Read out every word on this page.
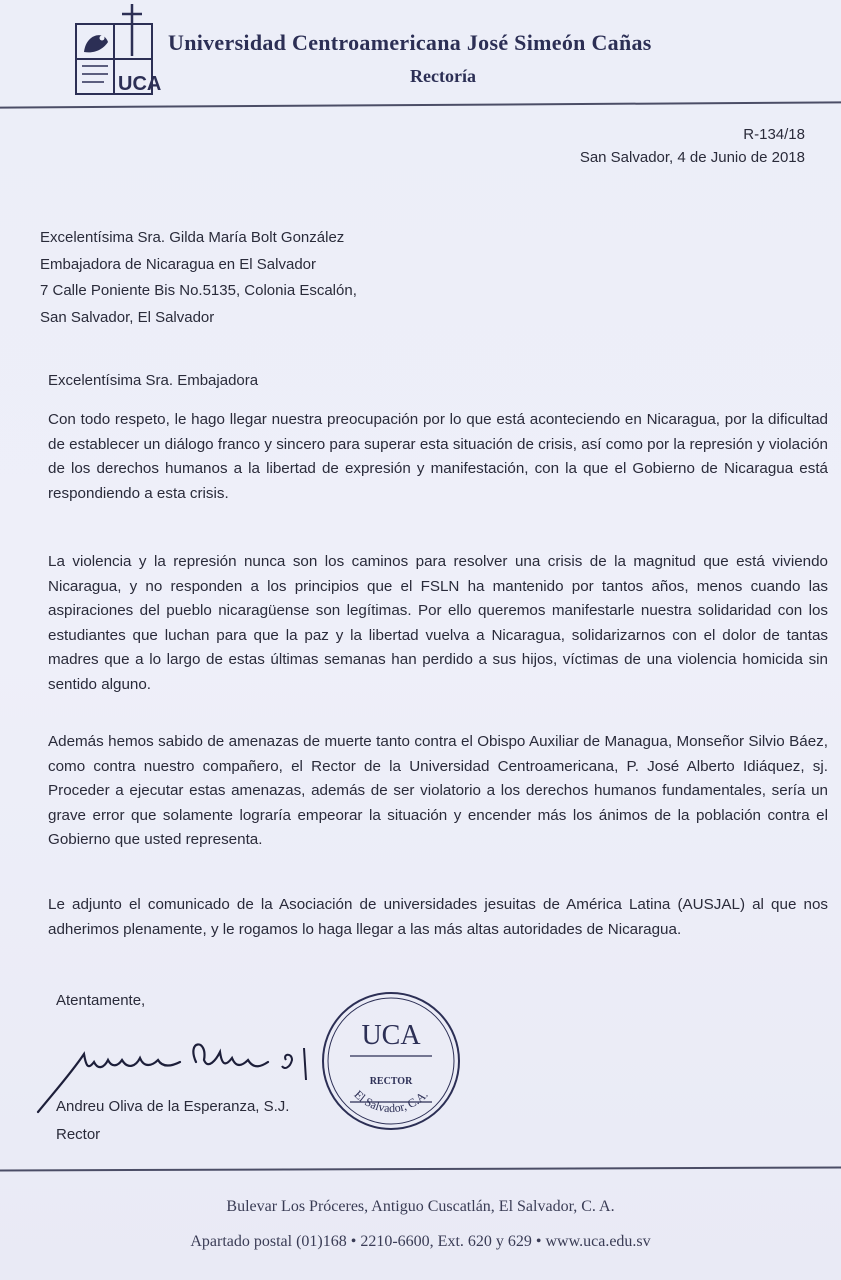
UCA
Universidad Centroamericana José Simeón Cañas
Rectoría
R-134/18
San Salvador, 4 de Junio de 2018
Excelentísima Sra. Gilda María Bolt González
Embajadora de Nicaragua en El Salvador
7 Calle Poniente Bis No.5135, Colonia Escalón,
San Salvador, El Salvador
Excelentísima Sra. Embajadora

Con todo respeto, le hago llegar nuestra preocupación por lo que está aconteciendo en Nicaragua, por la dificultad de establecer un diálogo franco y sincero para superar esta situación de crisis, así como por la represión y violación de los derechos humanos a la libertad de expresión y manifestación, con la que el Gobierno de Nicaragua está respondiendo a esta crisis.

La violencia y la represión nunca son los caminos para resolver una crisis de la magnitud que está viviendo Nicaragua, y no responden a los principios que el FSLN ha mantenido por tantos años, menos cuando las aspiraciones del pueblo nicaragüense son legítimas. Por ello queremos manifestarle nuestra solidaridad con los estudiantes que luchan para que la paz y la libertad vuelva a Nicaragua, solidarizarnos con el dolor de tantas madres que a lo largo de estas últimas semanas han perdido a sus hijos, víctimas de una violencia homicida sin sentido alguno.

Además hemos sabido de amenazas de muerte tanto contra el Obispo Auxiliar de Managua, Monseñor Silvio Báez, como contra nuestro compañero, el Rector de la Universidad Centroamericana, P. José Alberto Idiáquez, sj. Proceder a ejecutar estas amenazas, además de ser violatorio a los derechos humanos fundamentales, sería un grave error que solamente lograría empeorar la situación y encender más los ánimos de la población contra el Gobierno que usted representa.

Le adjunto el comunicado de la Asociación de universidades jesuitas de América Latina (AUSJAL) al que nos adherimos plenamente, y le rogamos lo haga llegar a las más altas autoridades de Nicaragua.

Atentamente,
Andreu Oliva de la Esperanza, S.J.
Rector
UCA
RECTOR
El Salvador, C.A.
Bulevar Los Próceres, Antiguo Cuscatlán, El Salvador, C. A.
Apartado postal (01)168 • 2210-6600, Ext. 620 y 629 • www.uca.edu.sv
